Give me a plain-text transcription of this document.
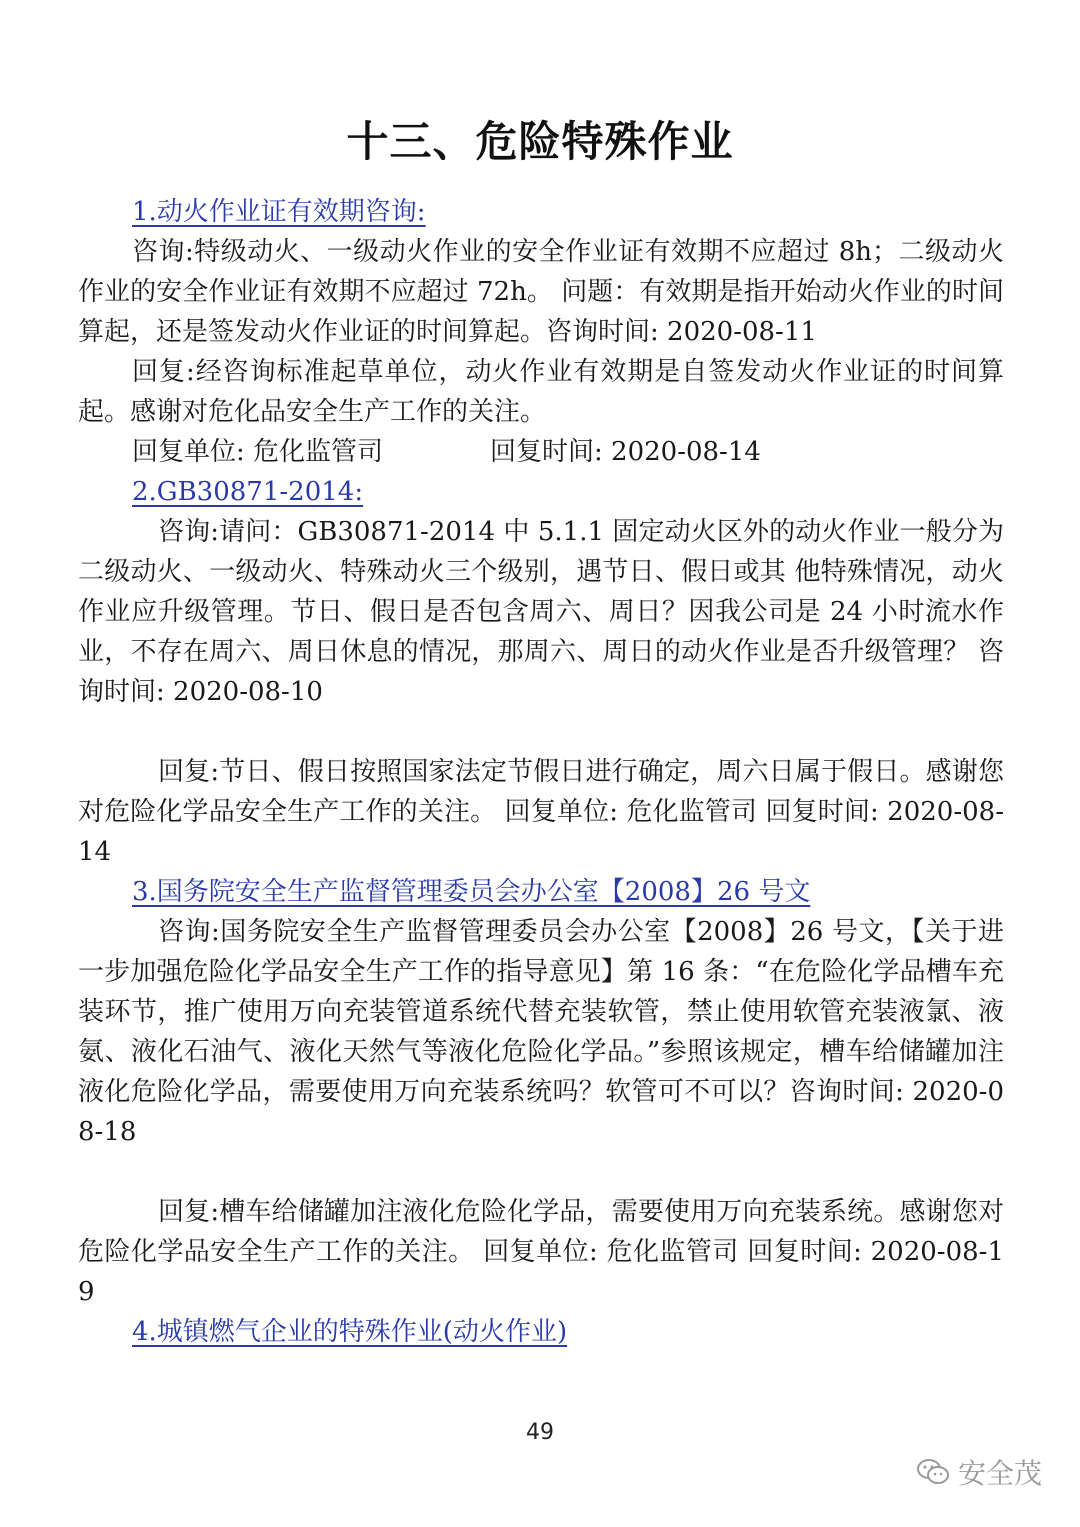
十三、危险特殊作业

1.动火作业证有效期咨询:

咨询:特级动火、一级动火作业的安全作业证有效期不应超过 8h；二级动火作业的安全作业证有效期不应超过 72h。 问题：有效期是指开始动火作业的时间算起，还是签发动火作业证的时间算起。咨询时间: 2020-08-11

回复:经咨询标准起草单位，动火作业有效期是自签发动火作业证的时间算起。感谢对危化品安全生产工作的关注。

回复单位: 危化监管司	回复时间: 2020-08-14

2.GB30871-2014:

咨询:请问：GB30871-2014 中 5.1.1 固定动火区外的动火作业一般分为二级动火、一级动火、特殊动火三个级别，遇节日、假日或其 他特殊情况，动火作业应升级管理。节日、假日是否包含周六、周日？因我公司是 24 小时流水作业，不存在周六、周日休息的情况，那周六、周日的动火作业是否升级管理？ 咨询时间: 2020-08-10

回复:节日、假日按照国家法定节假日进行确定，周六日属于假日。感谢您对危险化学品安全生产工作的关注。 回复单位: 危化监管司 回复时间: 2020-08-14

3.国务院安全生产监督管理委员会办公室【2008】26 号文

咨询:国务院安全生产监督管理委员会办公室【2008】26 号文，【关于进一步加强危险化学品安全生产工作的指导意见】第 16 条：“在危险化学品槽车充装环节，推广使用万向充装管道系统代替充装软管，禁止使用软管充装液氯、液氨、液化石油气、液化天然气等液化危险化学品。”参照该规定，槽车给储罐加注液化危险化学品，需要使用万向充装系统吗？软管可不可以？咨询时间: 2020-08-18

回复:槽车给储罐加注液化危险化学品，需要使用万向充装系统。感谢您对危险化学品安全生产工作的关注。 回复单位: 危化监管司 回复时间: 2020-08-19

4.城镇燃气企业的特殊作业(动火作业)

49
安全茂
